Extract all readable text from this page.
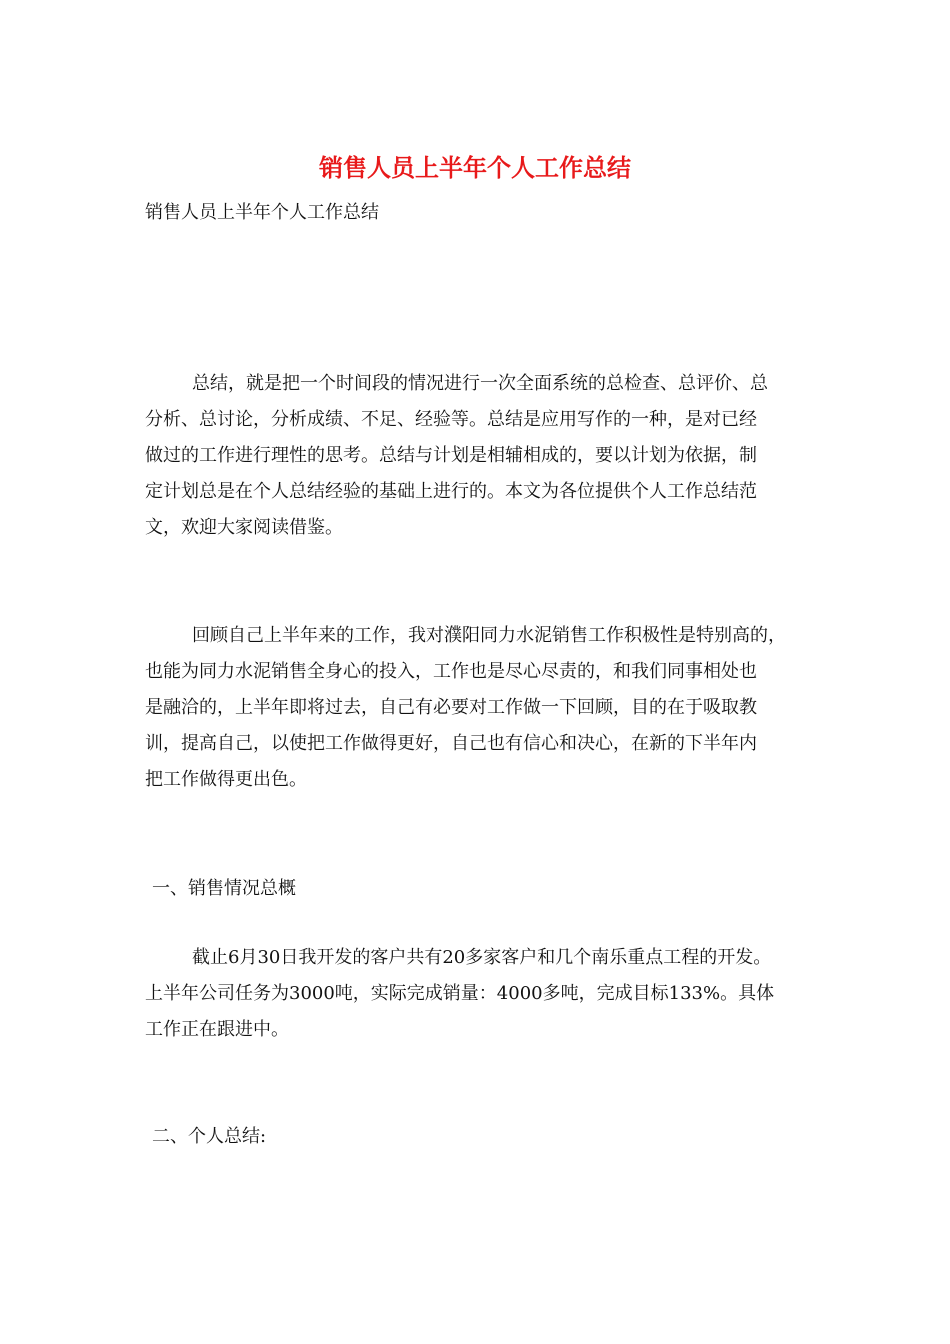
销售人员上半年个人工作总结
销售人员上半年个人工作总结
总结，就是把一个时间段的情况进行一次全面系统的总检查、总评价、总
分析、总讨论，分析成绩、不足、经验等。总结是应用写作的一种，是对已经
做过的工作进行理性的思考。总结与计划是相辅相成的，要以计划为依据，制
定计划总是在个人总结经验的基础上进行的。本文为各位提供个人工作总结范
文，欢迎大家阅读借鉴。
回顾自己上半年来的工作，我对濮阳同力水泥销售工作积极性是特别高的，
也能为同力水泥销售全身心的投入，工作也是尽心尽责的，和我们同事相处也
是融洽的，上半年即将过去，自己有必要对工作做一下回顾，目的在于吸取教
训，提高自己，以使把工作做得更好，自己也有信心和决心，在新的下半年内
把工作做得更出色。
一、销售情况总概
截止6月30日我开发的客户共有20多家客户和几个南乐重点工程的开发。
上半年公司任务为3000吨，实际完成销量：4000多吨，完成目标133%。具体
工作正在跟进中。
二、个人总结:
